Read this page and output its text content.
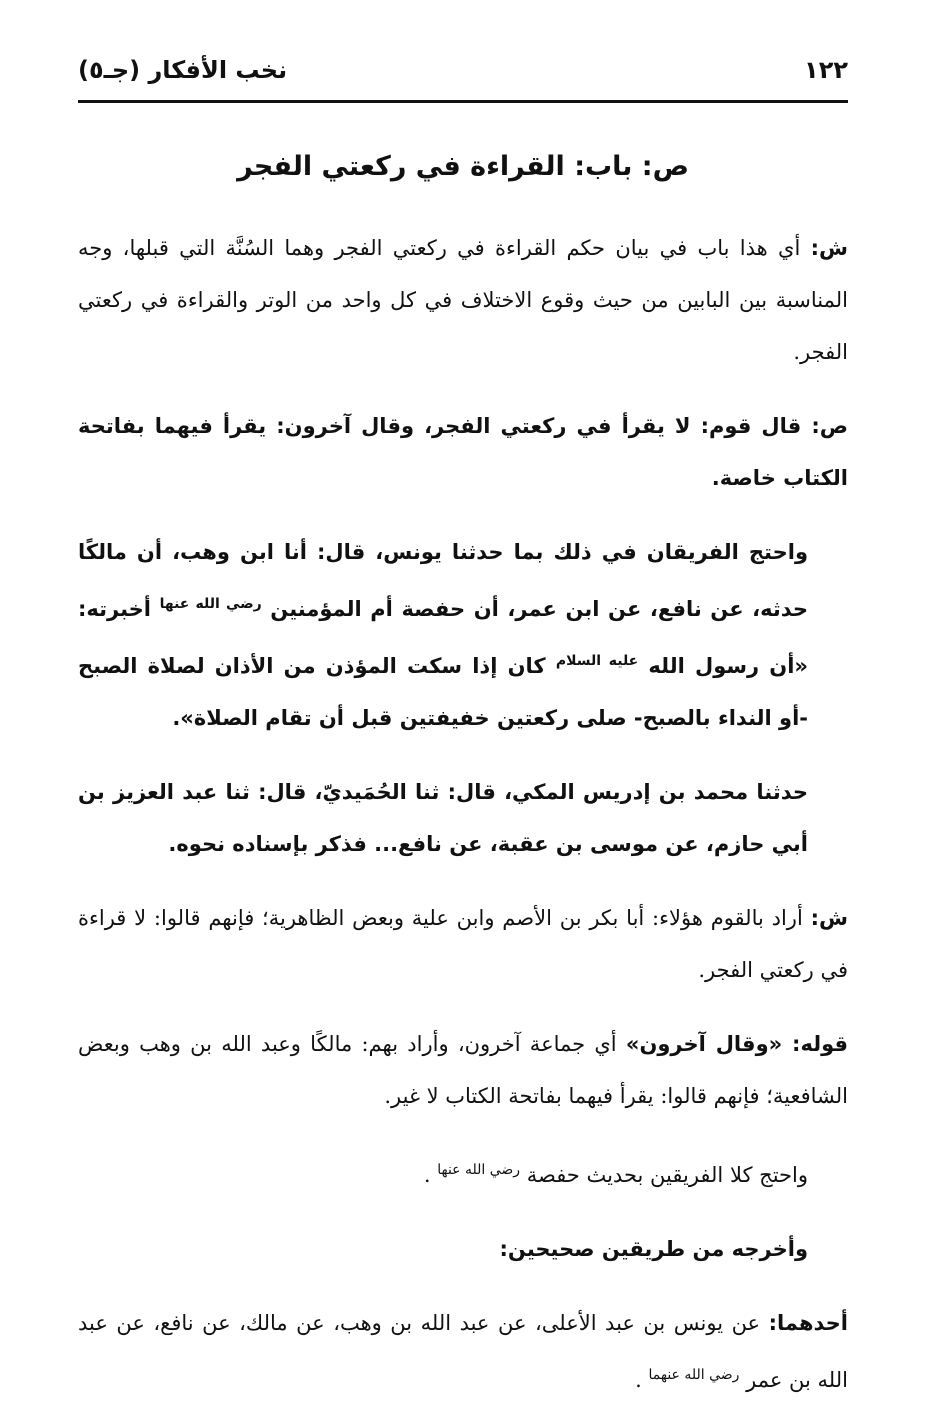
١٢٢
نخب الأفكار (جـ٥)
ص: باب: القراءة في ركعتي الفجر

ش: أي هذا باب في بيان حكم القراءة في ركعتي الفجر وهما السُنَّة التي قبلها، وجه المناسبة بين البابين من حيث وقوع الاختلاف في كل واحد من الوتر والقراءة في ركعتي الفجر.

ص: قال قوم: لا يقرأ في ركعتي الفجر، وقال آخرون: يقرأ فيهما بفاتحة الكتاب خاصة.

واحتج الفريقان في ذلك بما حدثنا يونس، قال: أنا ابن وهب، أن مالكًا حدثه، عن نافع، عن ابن عمر، أن حفصة أم المؤمنين $^{رضي الله عنها}$ أخبرته: «أن رسول الله $^{عليه السلام}$ كان إذا سكت المؤذن من الأذان لصلاة الصبح -أو النداء بالصبح- صلى ركعتين خفيفتين قبل أن تقام الصلاة».

حدثنا محمد بن إدريس المكي، قال: ثنا الحُمَيديّ، قال: ثنا عبد العزيز بن أبي حازم، عن موسى بن عقبة، عن نافع... فذكر بإسناده نحوه.

ش: أراد بالقوم هؤلاء: أبا بكر بن الأصم وابن علية وبعض الظاهرية؛ فإنهم قالوا: لا قراءة في ركعتي الفجر.

قوله: «وقال آخرون» أي جماعة آخرون، وأراد بهم: مالكًا وعبد الله بن وهب وبعض الشافعية؛ فإنهم قالوا: يقرأ فيهما بفاتحة الكتاب لا غير.

واحتج كلا الفريقين بحديث حفصة $^{رضي الله عنها}$ .

وأخرجه من طريقين صحيحين:

أحدهما: عن يونس بن عبد الأعلى، عن عبد الله بن وهب، عن مالك، عن نافع، عن عبد الله بن عمر $^{رضي الله عنهما}$ .
